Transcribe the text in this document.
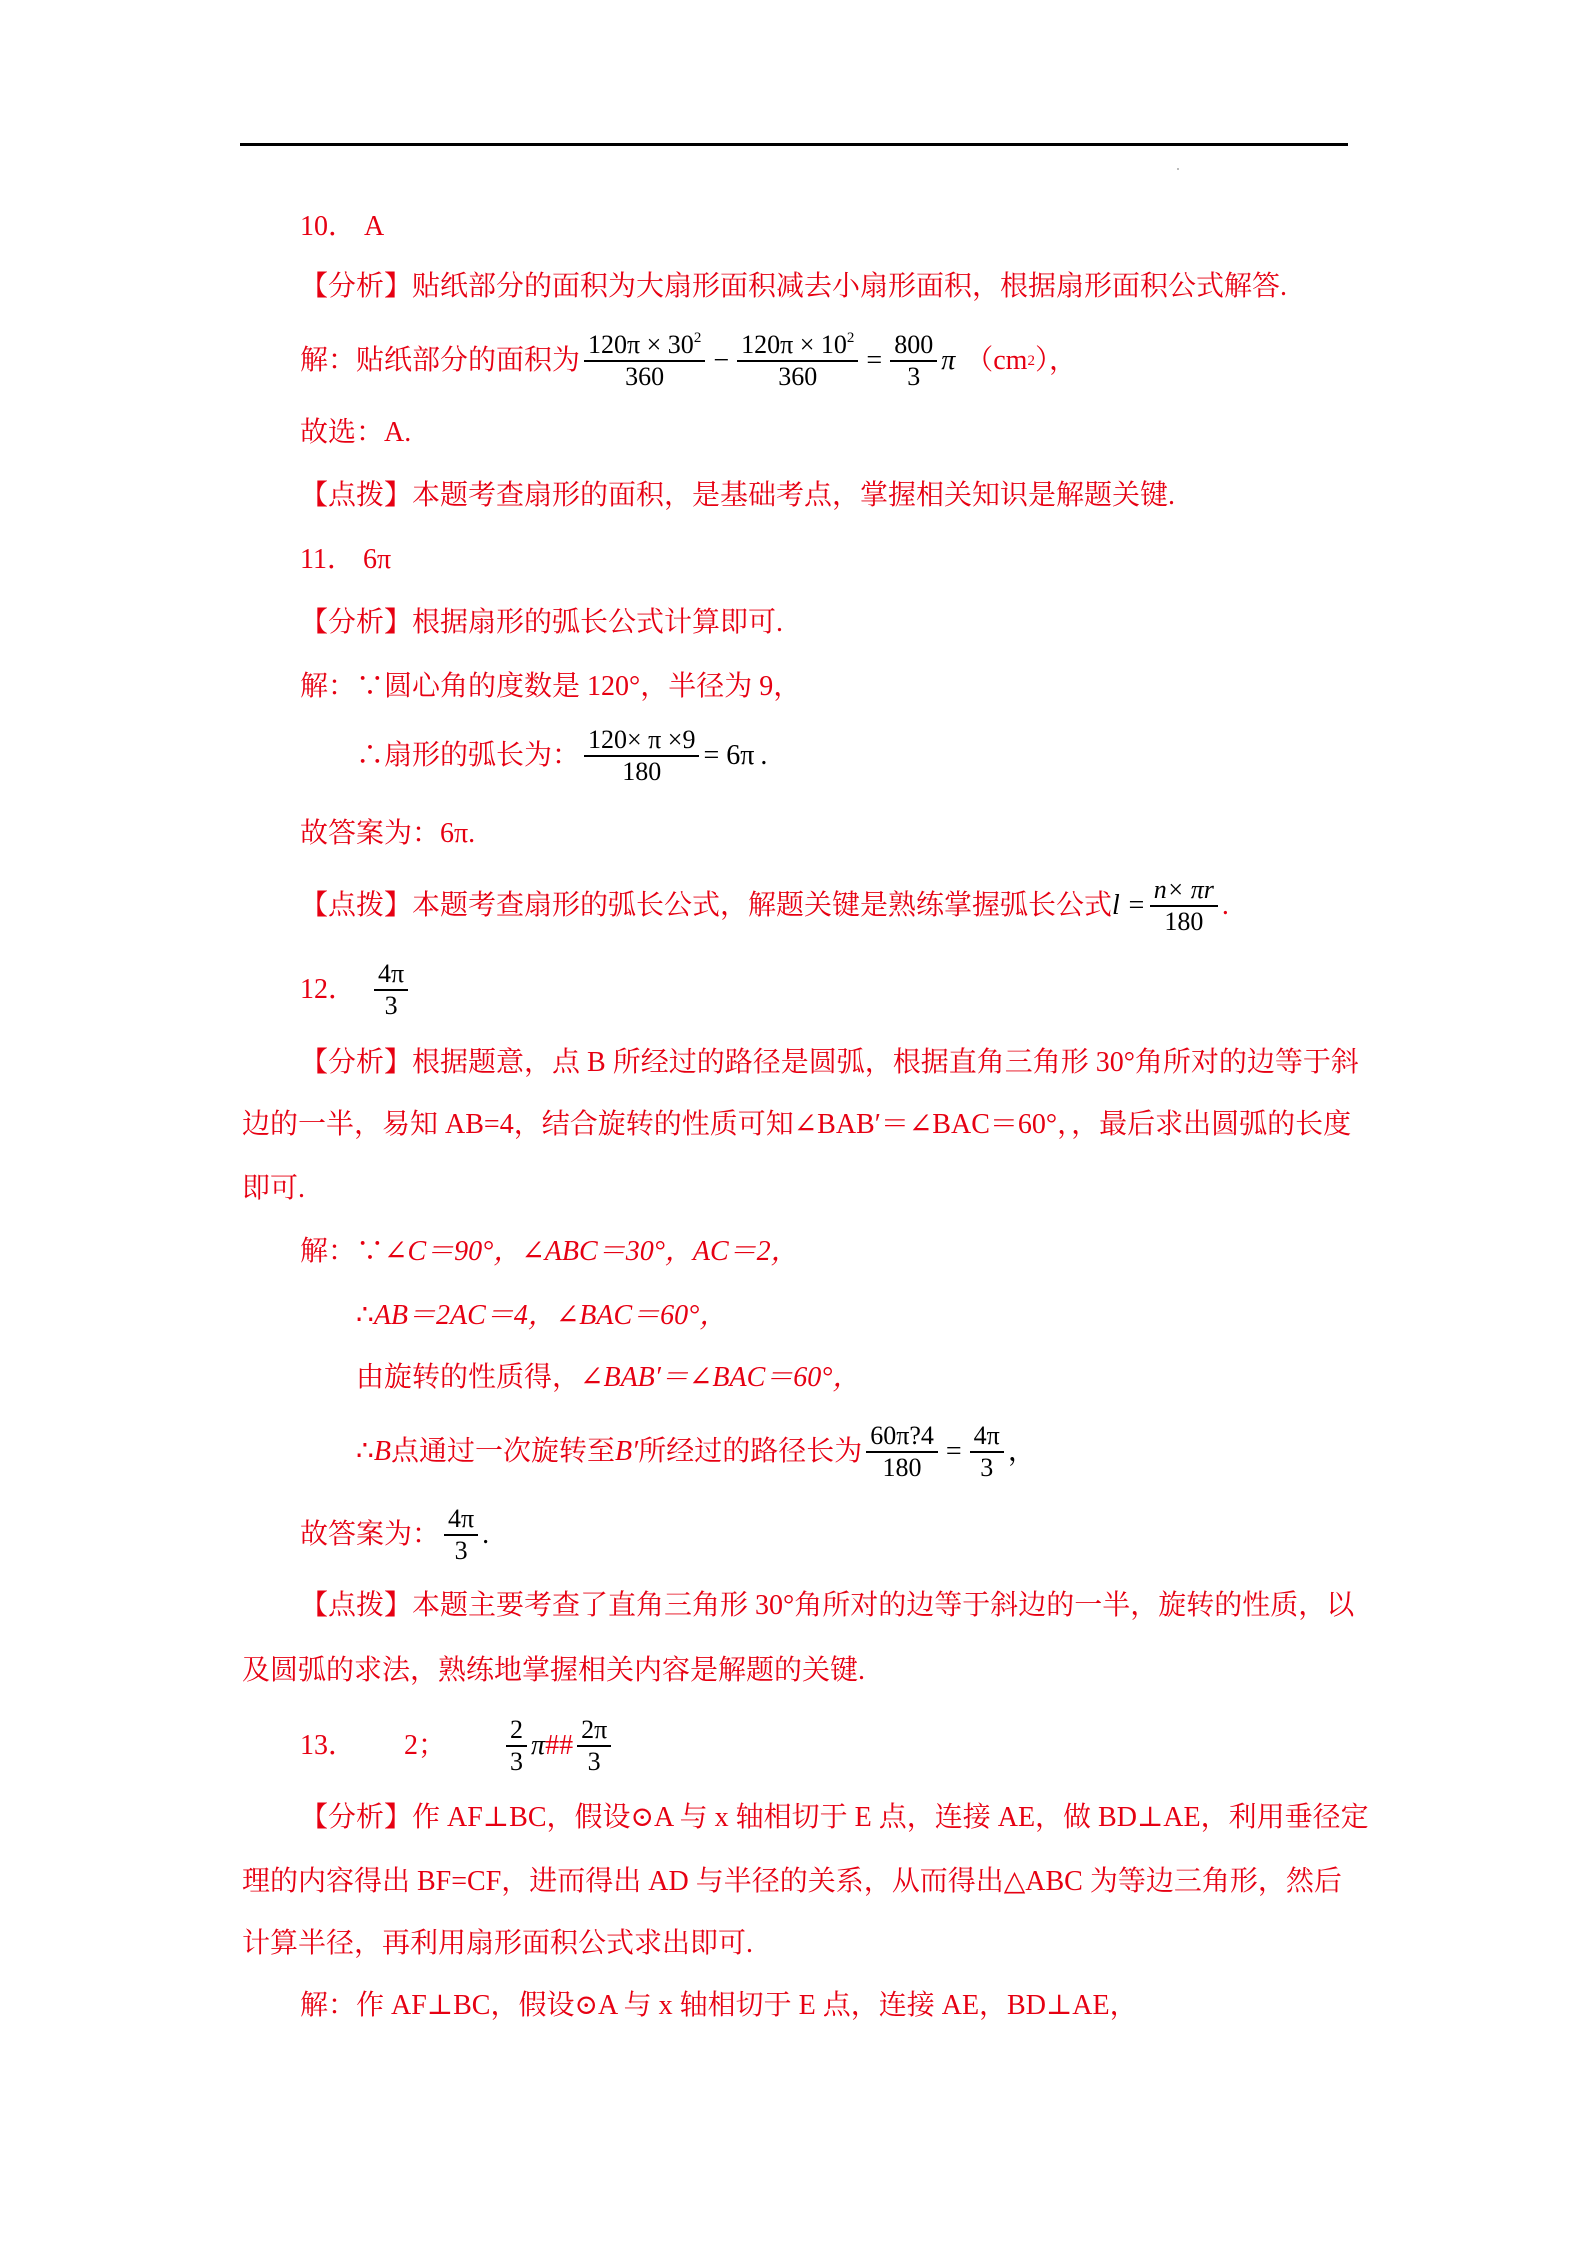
10． A
【分析】 贴纸部分的面积为大扇形面积减去小扇形面积，根据扇形面积公式解答.
解：贴纸部分的面积为 $\frac{120\pi \times 30^2}{360} - \frac{120\pi \times 10^2}{360} = \frac{800}{3}$ π （cm 2 ），
故选：A.
【点拨】 本题考查扇形的面积，是基础考点，掌握相关知识是解题关键.
11． 6π
【分析】 根据扇形的弧长公式计算即可.
解：∵圆心角的度数是 120°，半径为 9，
∴扇形的弧长为： $\frac{120\times \pi \times 9}{180} = 6\pi$ .
故答案为：6π.
【点拨】 本题考查扇形的弧长公式，解题关键是熟练掌握弧长公式 $l = \frac{n\times \pi r}{180}$ .
12． $\frac{4\pi}{3}$
【分析】 根据题意，点 B 所经过的路径是圆弧，根据直角三角形 30°角所对的边等于斜
边的一半，易知 AB=4，结合旋转的性质可知∠BAB′＝∠BAC＝60°，，最后求出圆弧的长度
即可.
解：∵ ∠C＝90°，∠ABC＝30°，AC＝2，
∴ AB＝2AC＝4，∠BAC＝60°，
由旋转的性质得， ∠BAB′＝∠BAC＝60°，
∴ B 点通过一次旋转至 B′ 所经过的路径长为 $\frac{60\pi?4}{180} = \frac{4\pi}{3}$ ，
故答案为： $\frac{4\pi}{3}$ .
【点拨】 本题主要考查了直角三角形 30°角所对的边等于斜边的一半，旋转的性质，以
及圆弧的求法，熟练地掌握相关内容是解题的关键.
13． 2； $\frac{2}{3}$ π ## $\frac{2\pi}{3}$
【分析】 作 AF⊥BC，假设⊙A 与 x 轴相切于 E 点，连接 AE，做 BD⊥AE，利用垂径定
理的内容得出 BF=CF，进而得出 AD 与半径的关系，从而得出△ABC 为等边三角形，然后
计算半径，再利用扇形面积公式求出即可.
解：作 AF⊥BC，假设⊙A 与 x 轴相切于 E 点，连接 AE，BD⊥AE，
